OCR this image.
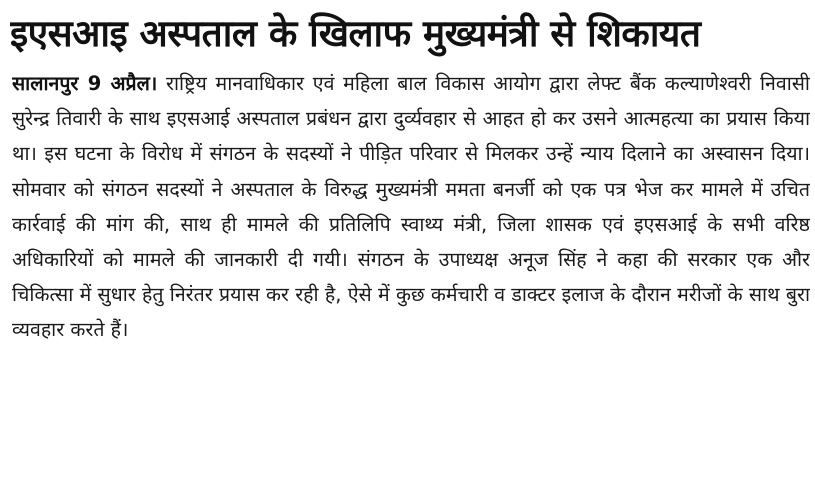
इएसआइ अस्पताल के खिलाफ मुख्यमंत्री से शिकायत

सालानपुर 9 अप्रैल। राष्ट्रिय मानवाधिकार एवं महिला बाल विकास आयोग द्वारा लेफ्ट बैंक कल्याणेश्वरी निवासी सुरेन्द्र तिवारी के साथ इएसआई अस्पताल प्रबंधन द्वारा दुर्व्यवहार से आहत हो कर उसने आत्महत्या का प्रयास किया था। इस घटना के विरोध में संगठन के सदस्यों ने पीड़ित परिवार से मिलकर उन्हें न्याय दिलाने का अस्वासन दिया। सोमवार को संगठन सदस्यों ने अस्पताल के विरुद्ध मुख्यमंत्री ममता बनर्जी को एक पत्र भेज कर मामले में उचित कार्रवाई की मांग की, साथ ही मामले की प्रतिलिपि स्वाथ्य मंत्री, जिला शासक एवं इएसआई के सभी वरिष्ठ अधिकारियों को मामले की जानकारी दी गयी। संगठन के उपाध्यक्ष अनूज सिंह ने कहा की सरकार एक और चिकित्सा में सुधार हेतु निरंतर प्रयास कर रही है, ऐसे में कुछ कर्मचारी व डाक्टर इलाज के दौरान मरीजों के साथ बुरा व्यवहार करते हैं।
